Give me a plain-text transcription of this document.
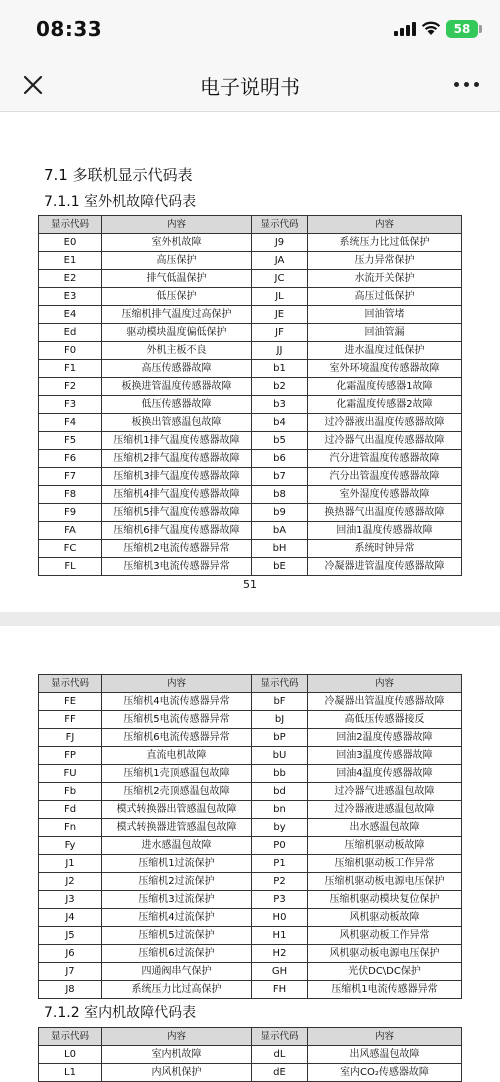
08:33	58
电子说明书
7.1 多联机显示代码表
7.1.1 室外机故障代码表
显示代码	内容	显示代码	内容
E0	室外机故障	J9	系统压力比过低保护
E1	高压保护	JA	压力异常保护
E2	排气低温保护	JC	水流开关保护
E3	低压保护	JL	高压过低保护
E4	压缩机排气温度过高保护	JE	回油管堵
Ed	驱动模块温度偏低保护	JF	回油管漏
F0	外机主板不良	JJ	进水温度过低保护
F1	高压传感器故障	b1	室外环境温度传感器故障
F2	板换进管温度传感器故障	b2	化霜温度传感器1故障
F3	低压传感器故障	b3	化霜温度传感器2故障
F4	板换出管感温包故障	b4	过冷器液出温度传感器故障
F5	压缩机1排气温度传感器故障	b5	过冷器气出温度传感器故障
F6	压缩机2排气温度传感器故障	b6	汽分进管温度传感器故障
F7	压缩机3排气温度传感器故障	b7	汽分出管温度传感器故障
F8	压缩机4排气温度传感器故障	b8	室外湿度传感器故障
F9	压缩机5排气温度传感器故障	b9	换热器气出温度传感器故障
FA	压缩机6排气温度传感器故障	bA	回油1温度传感器故障
FC	压缩机2电流传感器异常	bH	系统时钟异常
FL	压缩机3电流传感器异常	bE	冷凝器进管温度传感器故障
51
显示代码	内容	显示代码	内容
FE	压缩机4电流传感器异常	bF	冷凝器出管温度传感器故障
FF	压缩机5电流传感器异常	bJ	高低压传感器接反
FJ	压缩机6电流传感器异常	bP	回油2温度传感器故障
FP	直流电机故障	bU	回油3温度传感器故障
FU	压缩机1壳顶感温包故障	bb	回油4温度传感器故障
Fb	压缩机2壳顶感温包故障	bd	过冷器气进感温包故障
Fd	模式转换器出管感温包故障	bn	过冷器液进感温包故障
Fn	模式转换器进管感温包故障	by	出水感温包故障
Fy	进水感温包故障	P0	压缩机驱动板故障
J1	压缩机1过流保护	P1	压缩机驱动板工作异常
J2	压缩机2过流保护	P2	压缩机驱动板电源电压保护
J3	压缩机3过流保护	P3	压缩机驱动模块复位保护
J4	压缩机4过流保护	H0	风机驱动板故障
J5	压缩机5过流保护	H1	风机驱动板工作异常
J6	压缩机6过流保护	H2	风机驱动板电源电压保护
J7	四通阀串气保护	GH	光伏DC\DC保护
J8	系统压力比过高保护	FH	压缩机1电流传感器异常
7.1.2 室内机故障代码表
显示代码	内容	显示代码	内容
L0	室内机故障	dL	出风感温包故障
L1	内风机保护	dE	室内CO₂传感器故障
